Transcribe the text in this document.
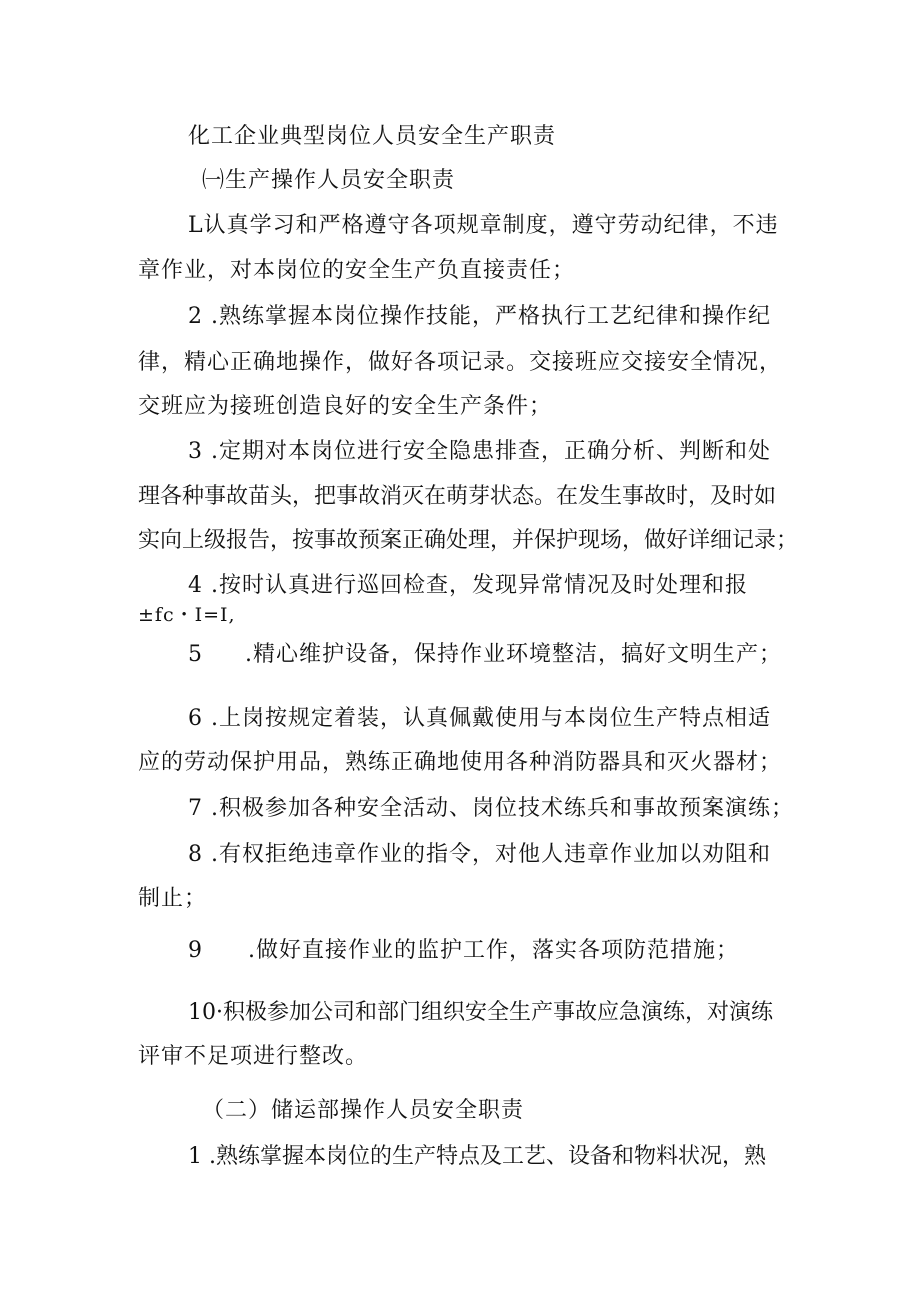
化工企业典型岗位人员安全生产职责
㈠生产操作人员安全职责
L认真学习和严格遵守各项规章制度，遵守劳动纪律，不违
章作业，对本岗位的安全生产负直接责任；
2 .熟练掌握本岗位操作技能，严格执行工艺纪律和操作纪
律，精心正确地操作，做好各项记录。交接班应交接安全情况，
交班应为接班创造良好的安全生产条件；
3 .定期对本岗位进行安全隐患排查，正确分析、判断和处
理各种事故苗头，把事故消灭在萌芽状态。在发生事故时，及时如
实向上级报告，按事故预案正确处理，并保护现场，做好详细记录；
4 .按时认真进行巡回检查，发现异常情况及时处理和报
±fc・I=I,
5 .精心维护设备，保持作业环境整洁，搞好文明生产；
6 .上岗按规定着装，认真佩戴使用与本岗位生产特点相适
应的劳动保护用品，熟练正确地使用各种消防器具和灭火器材；
7 .积极参加各种安全活动、岗位技术练兵和事故预案演练；
8 .有权拒绝违章作业的指令，对他人违章作业加以劝阻和
制止；
9 .做好直接作业的监护工作，落实各项防范措施；
10·积极参加公司和部门组织安全生产事故应急演练，对演练
评审不足项进行整改。
（二）储运部操作人员安全职责
1 .熟练掌握本岗位的生产特点及工艺、设备和物料状况，熟
